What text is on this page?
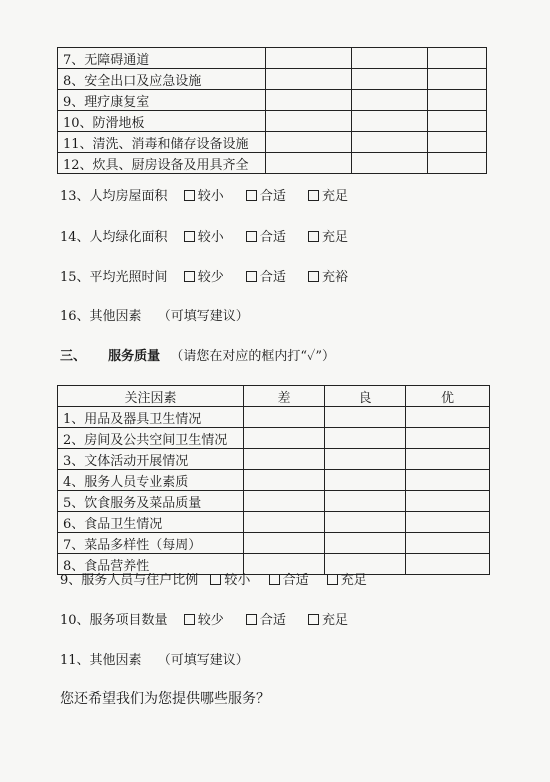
7、无障碍通道			
8、安全出口及应急设施			
9、理疗康复室			
10、防滑地板			
11、清洗、消毒和储存设备设施			
12、炊具、厨房设备及用具齐全			
13、人均房屋面积 较小	合适	充足
14、人均绿化面积 较小	合适	充足
15、平均光照时间 较少	合适	充裕
16、其他因素 （可填写建议）
三、 服务质量 （请您在对应的框内打“✓”）
关注因素	差	良	优
1、用品及器具卫生情况			
2、房间及公共空间卫生情况			
3、文体活动开展情况			
4、服务人员专业素质			
5、饮食服务及菜品质量			
6、食品卫生情况			
7、菜品多样性（每周）			
8、食品营养性			
9、服务人员与住户比例 较小 合适 充足
10、服务项目数量 较少	合适	充足
11、其他因素 （可填写建议）
您还希望我们为您提供哪些服务？
